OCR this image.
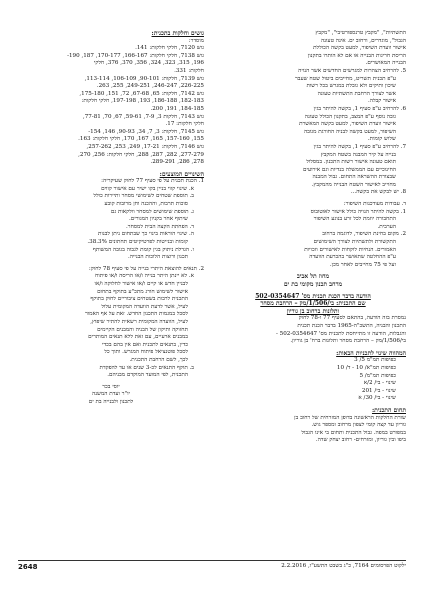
התשתיות", "מקבץ טרנספורטיבי", "מקבץ
הגבול", מוגדרים, ורחוב ים. אינה טעונה
אישור וועדת השיפור, למעט בקשה הכוללת
הריסת חריגות הבנייה או אם לא הותרו בתקנון
הבנייה המאושרים.
5. להרחיב הצהרות למגרשים החדשים אשר הנויה
ע"פ תכנית תשריט, מחייבים ביטול שטח שעבר
שיכון ותיקים ולא גובלת במגרש בכל רשות
אשר לצורך הרחבת התשתיות טעונה
אישור קבלה.
6. להרחיב ע"פ סעיף 1, בקשה להיתר בגין
גובה נוסף ע"פ המצב, בתקנון הכולל טעונה
אישור וועדת השיפור, למעט בקשה המאשרת
השיפור, למעט בקשה לבניה החורגת מגובה
שלוש קומות.
7. להרחיב ע"פ סעיף 1, בקשה להיתר בגין
בנייה על קיר המבנה בשטח המקבץ
תואם טעונה אישור רשות התכנון. במסלול
החינוכיים עם הממשלה בנדיות וגם אירועים
שבצורת ההשראה התחום. גבול המבנה
מחוייב לאישור השטח הבנייה מהמקבץ.
8. יש לבקש את בקשה...
ד. עבודות מעודכנות השיפור:
1. בקשה להיתר הנויה כולל אישור לאוטובוס
התחבורה יוזמת לכל זרע בנוגע השיפור
הערבית.
2. מקום בחינת השיפור, לדוגמה ברחוב
התקשורת ולתשתיות לצורך השימושים
האמורים. הנחיות לוקחות לאישורים וזכויות
ע"פ ההחלטה שתאושר בהכרעת הוועדה
ועל פי 75 מחייבים לאחר מכן.
מחוז תל אביב
מרחב תכנון מקומי בת ים
הודעה בדבר הכנת תכנית מס' 502-0354647
שם התכנית: בי/1/506/מק – הרחבת מסחר
ותלונות ברחוב בן גוריון
נמסרת בזה הודעה, בהתאם לסעיף 77 ו-78 לחוק
התכנון והבניה, התשכ"ה-1965 בדבר הכנת תכנית
והגבלות, הודעה זו מתייחסת לתכנית מס' 502-0354647 -
בי/1/506/מק – הרחבת מסחר ותלונות ברח' בן גוריון.
המהווה שינוי לתכניות הבאות:
כפיפות תמ"מ 5/ 3
כפיפות תמ"א/ 10 - ד/ 10
כפיפות תמ"מ/ 5
שינוי - בי/ 2/א
שינוי - בי/ 201
שינוי - בי/ 30/ א
תחום התכנית:
שורת החלקות הראשונה בדופן המזרחית של רחוב בן
גוריון עד קצה קומי לצפון מרחוב ומספר גוש.
במפורט במפה. גבול התכנית ותחום בי אינו הגבול
ביפו ובין גוריון, ומזרחים- רחוב יצחק שדה.
גושים וחלקות בתכנית:
מוסדר:
גוש 7120, חלקי חלקות: 141.
גוש 7138, חלקי חלקות: 166-167, 170-177, 187, 190-
196, 315, 323, 324, 356, 370, 376, חלקי
חלקות: 331.
גוש 7139, חלקות: 90-101, 106-109, 113-114,
226-225, 246-247, 249-251, 255, 263.
גוש 7142, חלקות: 65, 67-68, 72, 151, 175-180,
182-183, 186-188, 193, 197-198, חלקי חלקות:
184-185, 191, 200.
גוש 7143, חלקות 3, 7-9, 59-61, 67, 70, 77-81,
חלקי חלקות: 17.
גוש 7145, חלקות: 3, 7, 34, 90-93, 146, 154-
155, 157-160, 165, 167, 170, חלקי חלקות: 163.
גוש 7146, חלקות: 17-21, 249, 253, 257-262,
277-279, 282, 287, 288, חלקי חלקות: 256, 270,
278, 286, 289-291.
השינויים המוצעים:
1. הכנת תכנית על פי סעיף 77 לחוק שעיקריה:
א. שינוי קווי בניין בקו ישיר עם אישור קווים
ב. תוספת שטחים לשימושי מסחר ותיירות כולל
סוכות תרבות, וההכנה וחן מרובות קובע
ג. תוספת שימושים למסחר וולקאות גם
שיתוף אחר בקניון המגורים.
ד. הפחתת הקצה הבית למסחר.
ה. שינוי הוראות בינוי כך שבתחום ניתן לבנות
קומות ובנייטות לפרטיקיטים תחתונים 38.3%.
ו. הגדלת ניתוק בגין קומת לגבוה בגובה המשותף
תכנון ורוצות הלוכות הבנייה.
2. תנאים להוצאת היתרי בנייה על פי סעיף 78 לחוק:
א. לא יינתן היתר בנייה ו/או הריסה ו/או פיתוח
לבניין חדש או קיים ו/או אישור לחלוקה ו/או
אישור לשימוש חורג מתכ"ע בתוקף בתחום
התכנית לרבות בשטחים ציבוריים לחוק בתוקף
לעיל, אשר לדעת הוועדה המקומית עלול
לסכל במגמות התכנון החדש. זאת על אף האמור
לעיל, הוועדה המקומית רשאית להתיר שיפוץ,
תחזוקה ותיקון של הבניה והמבנים הקיימים
במבנים ארעיים, עם זאת ללא תנאים המותרים
כדין, בתנאים לתכנית ואם אין בהם בכדי
לסכל פוטנציאל פיתוח המגרש. ותוך כל
לכך, לשם הרחבת התכנית.
ב. תוקף התנאים לכ-3 שנים או עד להפקדת
התכנית, לפי המועד המוקדם מבניהם.
יוסי בכר
יו"ר ועדת המשנה
לתכנון ולבנייה בת ים
2648	ילקוט הפרסומים 7164, כ"ג בשבט התשע"ו, 2.2.2016
